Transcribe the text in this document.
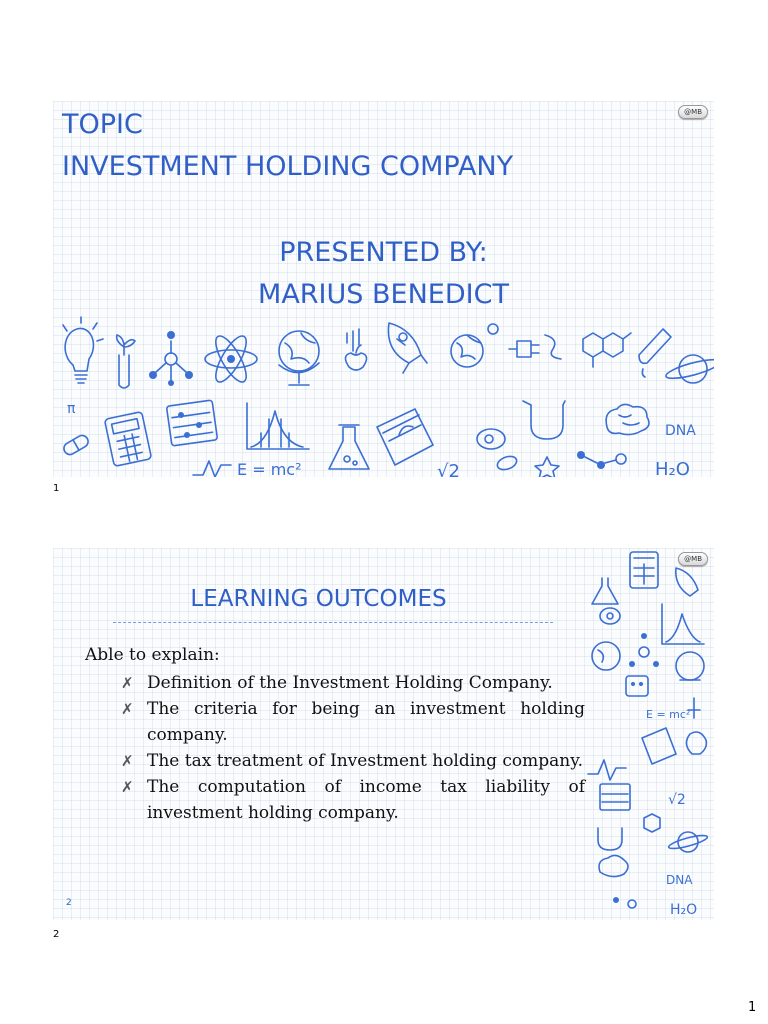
@MB
TOPIC
INVESTMENT HOLDING COMPANY
PRESENTED BY:
MARIUS BENEDICT
π
E = mc²	√2
DNA
H₂O
1
@MB
LEARNING OUTCOMES
Able to explain:
✗ Definition of the Investment Holding Company.
✗ The criteria for being an investment holding company.
✗ The tax treatment of Investment holding company.
✗ The computation of income tax liability of investment holding company.
2
E = mc²
√2
DNA
H₂O
2
1
